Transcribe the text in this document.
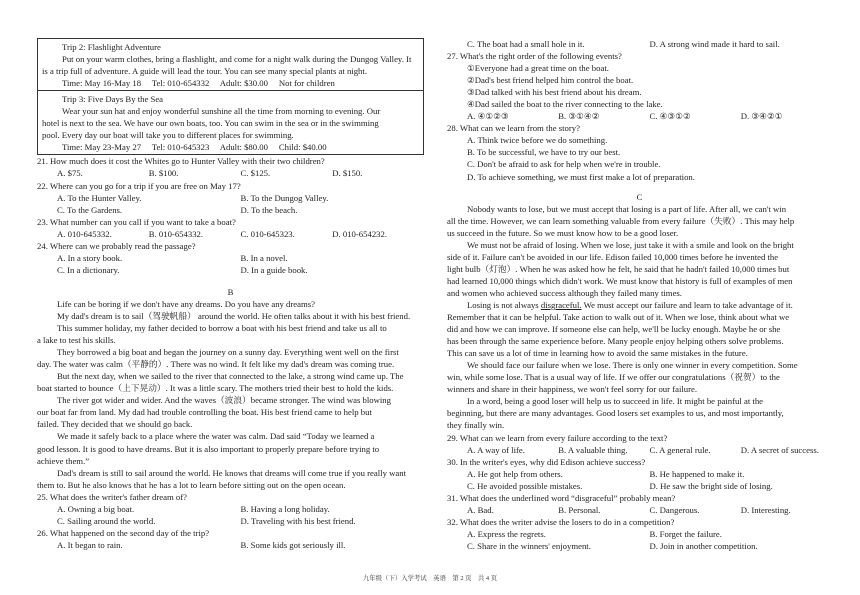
Trip 2: Flashlight Adventure
Put on your warm clothes, bring a flashlight, and come for a night walk during the Dungog Valley. It
is a trip full of adventure. A guide will lead the tour. You can see many special plants at night.
Time: May 16-May 18     Tel: 010-654332     Adult: $30.00     Not for children
Trip 3: Five Days By the Sea
Wear your sun hat and enjoy wonderful sunshine all the time from morning to evening. Our
hotel is next to the sea. We have our own boats, too. You can swim in the sea or in the swimming
pool. Every day our boat will take you to different places for swimming.
Time: May 23-May 27     Tel: 010-645323     Adult: $80.00     Child: $40.00
21. How much does it cost the Whites go to Hunter Valley with their two children?
A. $75.	B. $100.	C. $125.	D. $150.
22. Where can you go for a trip if you are free on May 17?
A. To the Hunter Valley.	B. To the Dungog Valley.
C. To the Gardens.	D. To the beach.
23. What number can you call if you want to take a boat?
A. 010-645332.	B. 010-654332.	C. 010-645323.	D. 010-654232.
24. Where can we probably read the passage?
A. In a story book.	B. In a novel.
C. In a dictionary.	D. In a guide book.
B
Life can be boring if we don't have any dreams. Do you have any dreams?
My dad's dream is to sail（驾驶帆船） around the world. He often talks about it with his best friend.
This summer holiday, my father decided to borrow a boat with his best friend and take us all to
a lake to test his skills.
They borrowed a big boat and began the journey on a sunny day. Everything went well on the first
day. The water was calm（平静的）. There was no wind. It felt like my dad's dream was coming true.
But the next day, when we sailed to the river that connected to the lake, a strong wind came up. The
boat started to bounce（上下晃动）. It was a little scary. The mothers tried their best to hold the kids.
The river got wider and wider. And the waves（波浪）became stronger. The wind was blowing
our boat far from land. My dad had trouble controlling the boat. His best friend came to help but
failed. They decided that we should go back.
We made it safely back to a place where the water was calm. Dad said “Today we learned a
good lesson. It is good to have dreams. But it is also important to properly prepare before trying to
achieve them.”
Dad's dream is still to sail around the world. He knows that dreams will come true if you really want
them to. But he also knows that he has a lot to learn before sitting out on the open ocean.
25. What does the writer's father dream of?
A. Owning a big boat.	B. Having a long holiday.
C. Sailing around the world.	D. Traveling with his best friend.
26. What happened on the second day of the trip?
A. It began to rain.	B. Some kids got seriously ill.
C. The boat had a small hole in it.	D. A strong wind made it hard to sail.
27. What's the right order of the following events?
①Everyone had a great time on the boat.
②Dad's best friend helped him control the boat.
③Dad talked with his best friend about his dream.
④Dad sailed the boat to the river connecting to the lake.
A. ④①②③	B. ③①④②	C. ④③①②	D. ③④②①
28. What can we learn from the story?
A. Think twice before we do something.
B. To be successful, we have to try our best.
C. Don't be afraid to ask for help when we're in trouble.
D. To achieve something, we must first make a lot of preparation.
C
Nobody wants to lose, but we must accept that losing is a part of life. After all, we can't win
all the time. However, we can learn something valuable from every failure（失败）. This may help
us succeed in the future. So we must know how to be a good loser.
We must not be afraid of losing. When we lose, just take it with a smile and look on the bright
side of it. Failure can't be avoided in our life. Edison failed 10,000 times before he invented the
light bulb（灯泡）. When he was asked how he felt, he said that he hadn't failed 10,000 times but
had learned 10,000 things which didn't work. We must know that history is full of examples of men
and women who achieved success although they failed many times.
Losing is not always disgraceful. We must accept our failure and learn to take advantage of it.
Remember that it can be helpful. Take action to walk out of it. When we lose, think about what we
did and how we can improve. If someone else can help, we'll be lucky enough. Maybe he or she
has been through the same experience before. Many people enjoy helping others solve problems.
This can save us a lot of time in learning how to avoid the same mistakes in the future.
We should face our failure when we lose. There is only one winner in every competition. Some
win, while some lose. That is a usual way of life. If we offer our congratulations（祝贺）to the
winners and share in their happiness, we won't feel sorry for our failure.
In a word, being a good loser will help us to succeed in life. It might be painful at the
beginning, but there are many advantages. Good losers set examples to us, and most importantly,
they finally win.
29. What can we learn from every failure according to the text?
A. A way of life.	B. A valuable thing.	C. A general rule.	D. A secret of success.
30. In the writer's eyes, why did Edison achieve success?
A. He got help from others.	B. He happened to make it.
C. He avoided possible mistakes.	D. He saw the bright side of losing.
31. What does the underlined word “disgraceful” probably mean?
A. Bad.	B. Personal.	C. Dangerous.	D. Interesting.
32. What does the writer advise the losers to do in a competition?
A. Express the regrets.	B. Forget the failure.
C. Share in the winners' enjoyment.	D. Join in another competition.
九年级（下）入学考试    英语    第 2 页    共 4 页
